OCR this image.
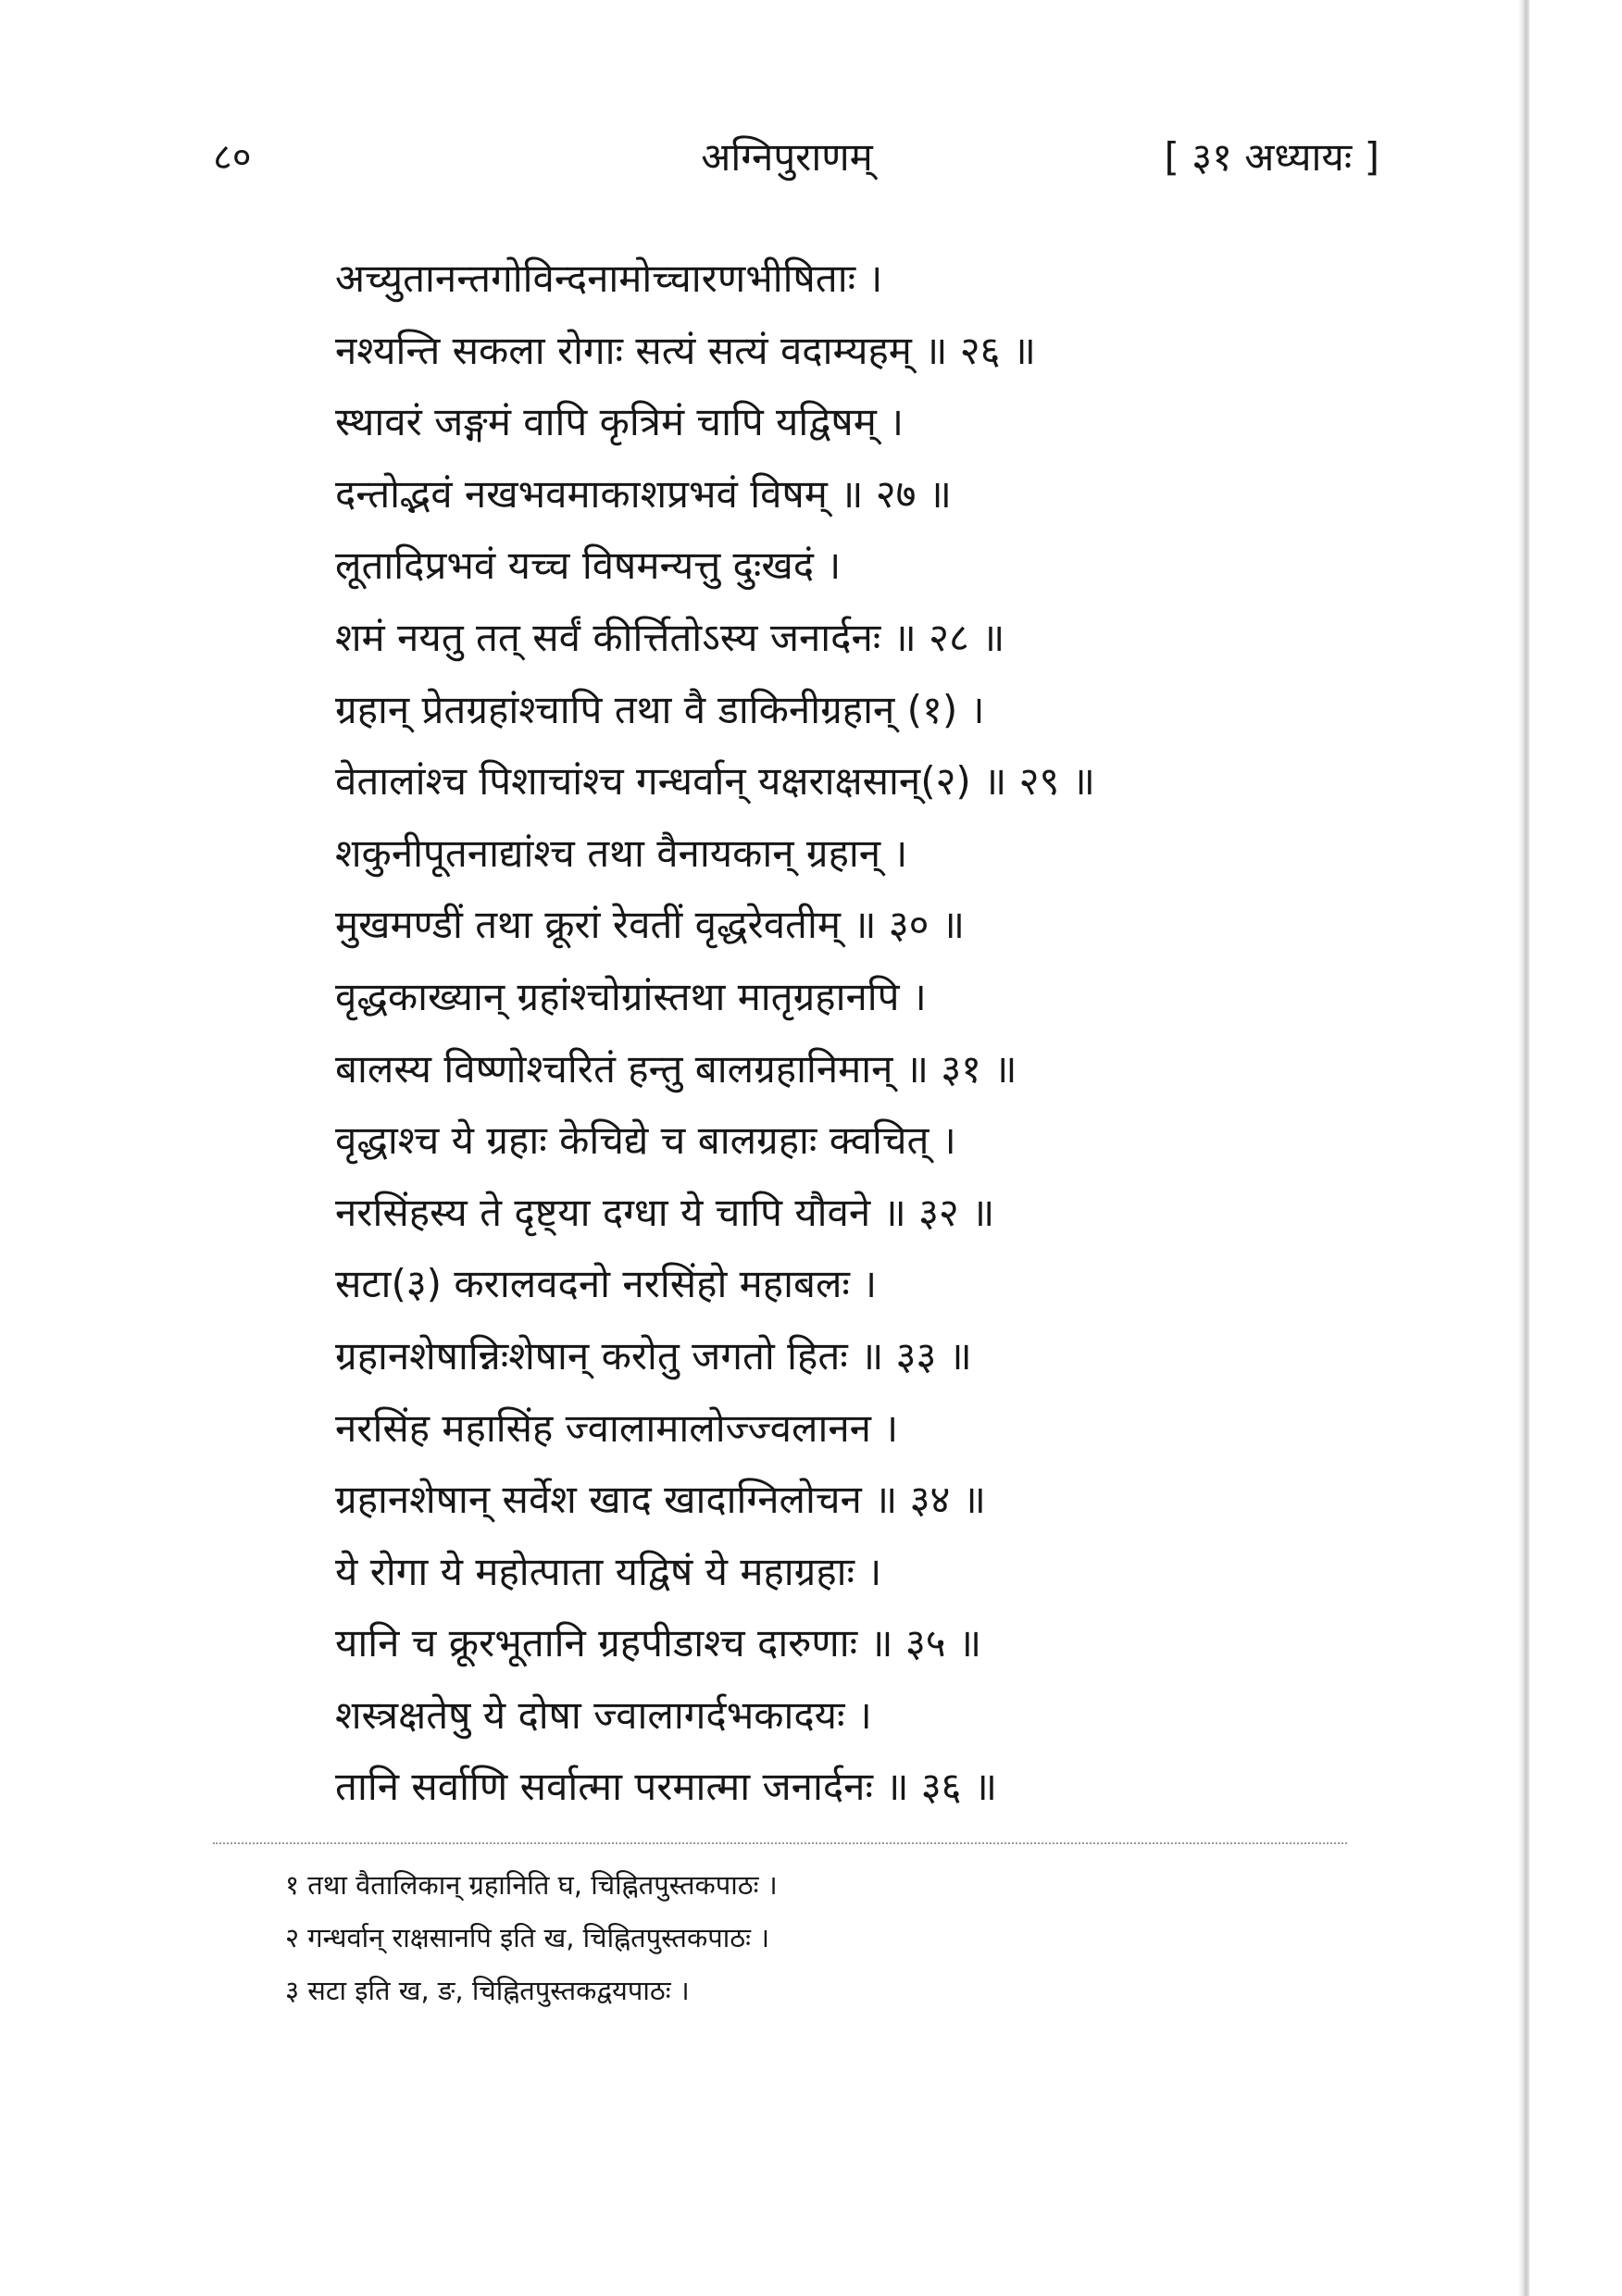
८०	अग्निपुराणम्	[ ३१ अध्यायः ]
अच्युतानन्तगोविन्दनामोच्चारणभीषिताः ।
नश्यन्ति सकला रोगाः सत्यं सत्यं वदाम्यहम् ॥ २६ ॥
स्थावरं जङ्गमं वापि कृत्रिमं चापि यद्विषम् ।
दन्तोद्भवं नखभवमाकाशप्रभवं विषम् ॥ २७ ॥
लूतादिप्रभवं यच्च विषमन्यत्तु दुःखदं ।
शमं नयतु तत् सर्वं कीर्त्तितोऽस्य जनार्दनः ॥ २८ ॥
ग्रहान् प्रेतग्रहांश्चापि तथा वै डाकिनीग्रहान् (१) ।
वेतालांश्च पिशाचांश्च गन्धर्वान् यक्षराक्षसान्(२) ॥ २९ ॥
शकुनीपूतनाद्यांश्च तथा वैनायकान् ग्रहान् ।
मुखमण्डीं तथा क्रूरां रेवतीं वृद्धरेवतीम् ॥ ३० ॥
वृद्धकाख्यान् ग्रहांश्चोग्रांस्तथा मातृग्रहानपि ।
बालस्य विष्णोश्चरितं हन्तु बालग्रहानिमान् ॥ ३१ ॥
वृद्धाश्च ये ग्रहाः केचिद्ये च बालग्रहाः क्वचित् ।
नरसिंहस्य ते दृष्ट्या दग्धा ये चापि यौवने ॥ ३२ ॥
सटा(३) करालवदनो नरसिंहो महाबलः ।
ग्रहानशेषान्निःशेषान् करोतु जगतो हितः ॥ ३३ ॥
नरसिंह महासिंह ज्वालामालोज्ज्वलानन ।
ग्रहानशेषान् सर्वेश खाद खादाग्निलोचन ॥ ३४ ॥
ये रोगा ये महोत्पाता यद्विषं ये महाग्रहाः ।
यानि च क्रूरभूतानि ग्रहपीडाश्च दारुणाः ॥ ३५ ॥
शस्त्रक्षतेषु ये दोषा ज्वालागर्दभकादयः ।
तानि सर्वाणि सर्वात्मा परमात्मा जनार्दनः ॥ ३६ ॥
१ तथा वैतालिकान् ग्रहानिति घ, चिह्नितपुस्तकपाठः ।
२ गन्धर्वान् राक्षसानपि इति ख, चिह्नितपुस्तकपाठः ।
३ सटा इति ख, ङ, चिह्नितपुस्तकद्वयपाठः ।
